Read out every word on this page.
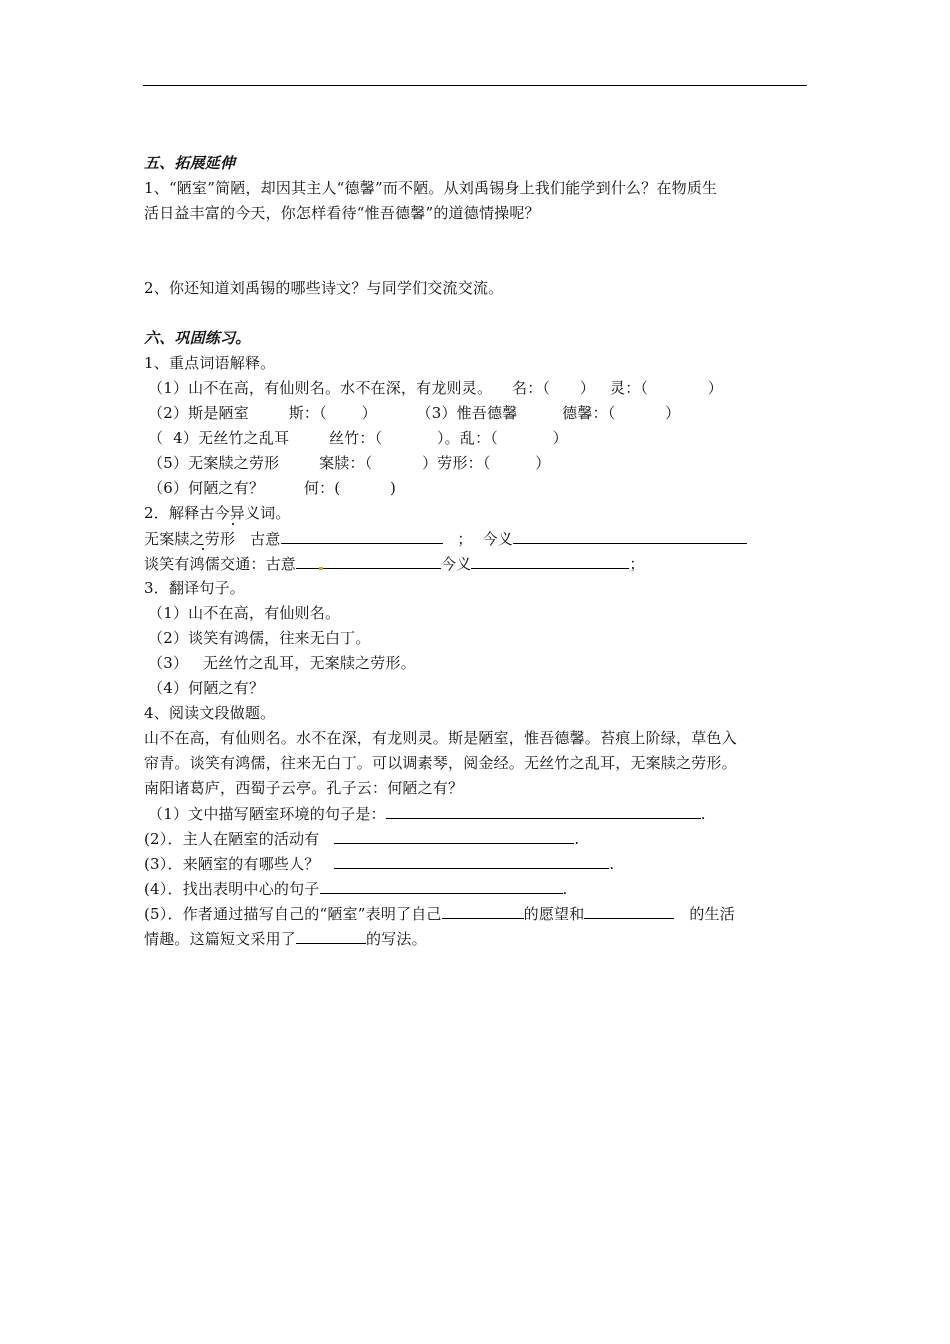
五、拓展延伸
1、“陋室”简陋，却因其主人“德馨”而不陋。从刘禹锡身上我们能学到什么？在物质生
活日益丰富的今天，你怎样看待“惟吾德馨”的道德情操呢？
2、你还知道刘禹锡的哪些诗文？与同学们交流交流。
六、巩固练习。
1、重点词语解释。
（1）山不在高，有仙则名。水不在深，有龙则灵。    名：（      ）   灵：（            ）
（2）斯是陋室        斯：（       ）        （3）惟吾德馨         德馨：（          ）
（  4）无丝竹之乱耳        丝竹：（           ）。乱：（           ）
（5）无案牍之劳形        案牍：（          ）劳形：（         ）
（6）何陋之有？        何：(          )
2．解释古今异义词。
无案牍之劳形   古意	；  今义
谈笑有鸿儒交通：古意	今义	；
3．翻译句子。
（1）山不在高，有仙则名。
（2）谈笑有鸿儒，往来无白丁。
（3）   无丝竹之乱耳，无案牍之劳形。
（4）何陋之有？
4、阅读文段做题。
山不在高，有仙则名。水不在深，有龙则灵。斯是陋室，惟吾德馨。苔痕上阶绿，草色入
帘青。谈笑有鸿儒，往来无白丁。可以调素琴，阅金经。无丝竹之乱耳，无案牍之劳形。
南阳诸葛庐，西蜀子云亭。孔子云：何陋之有？
（1）文中描写陋室环境的句子是：	.
(2）．主人在陋室的活动有	.
(3）．来陋室的有哪些人？	.
(4）．找出表明中心的句子	.
(5）．作者通过描写自己的“陋室”表明了自己	的愿望和	的生活
情趣。这篇短文采用了	的写法。
